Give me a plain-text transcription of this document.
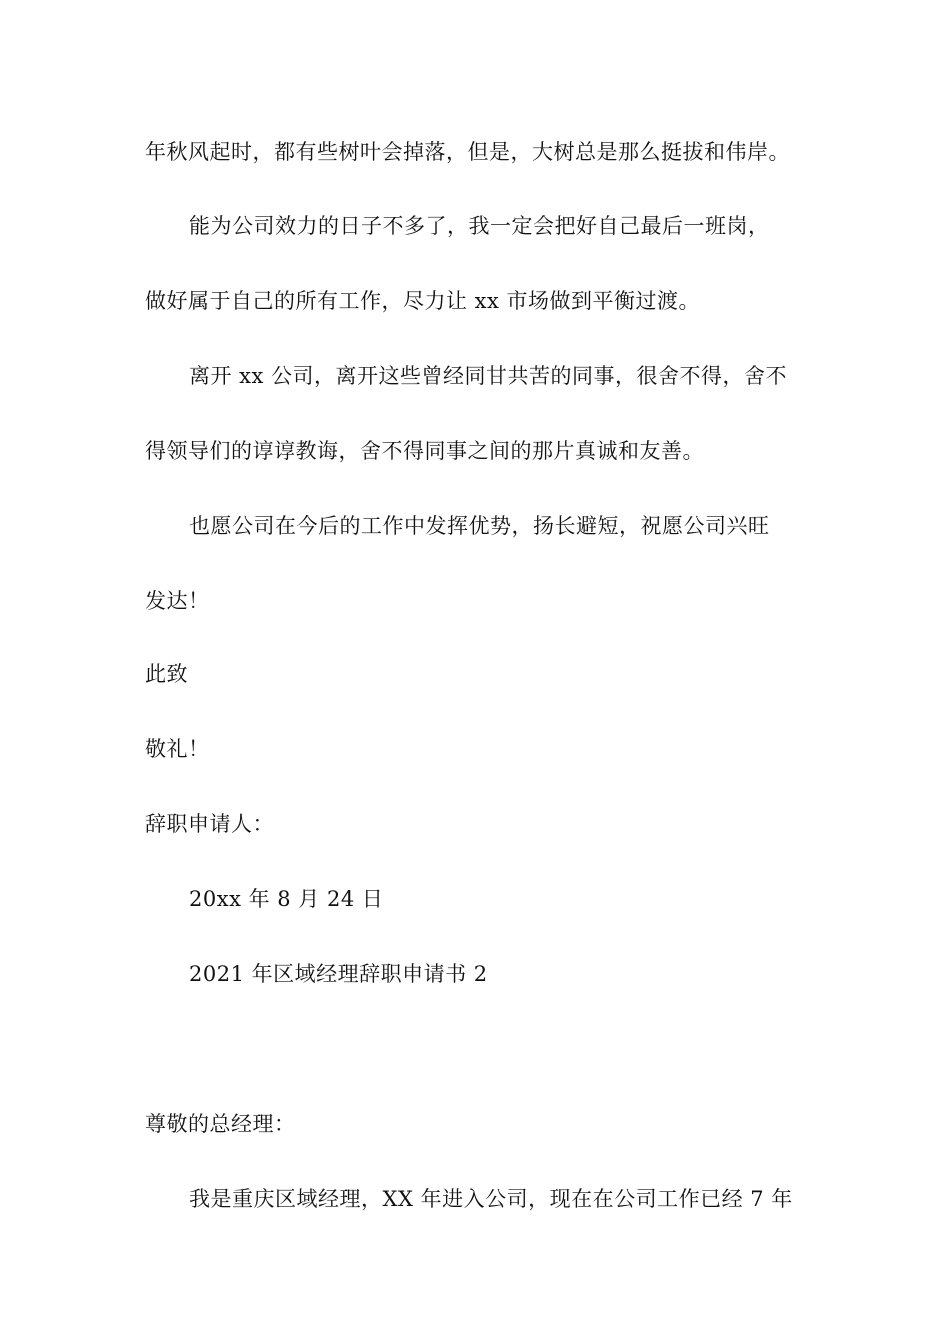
年秋风起时，都有些树叶会掉落，但是，大树总是那么挺拔和伟岸。
能为公司效力的日子不多了，我一定会把好自己最后一班岗，
做好属于自己的所有工作，尽力让 xx 市场做到平衡过渡。
离开 xx 公司，离开这些曾经同甘共苦的同事，很舍不得，舍不
得领导们的谆谆教诲，舍不得同事之间的那片真诚和友善。
也愿公司在今后的工作中发挥优势，扬长避短，祝愿公司兴旺
发达！
此致
敬礼！
辞职申请人：
20xx 年 8 月 24 日
2021 年区域经理辞职申请书 2
尊敬的总经理：
我是重庆区域经理，XX 年进入公司，现在在公司工作已经 7 年
